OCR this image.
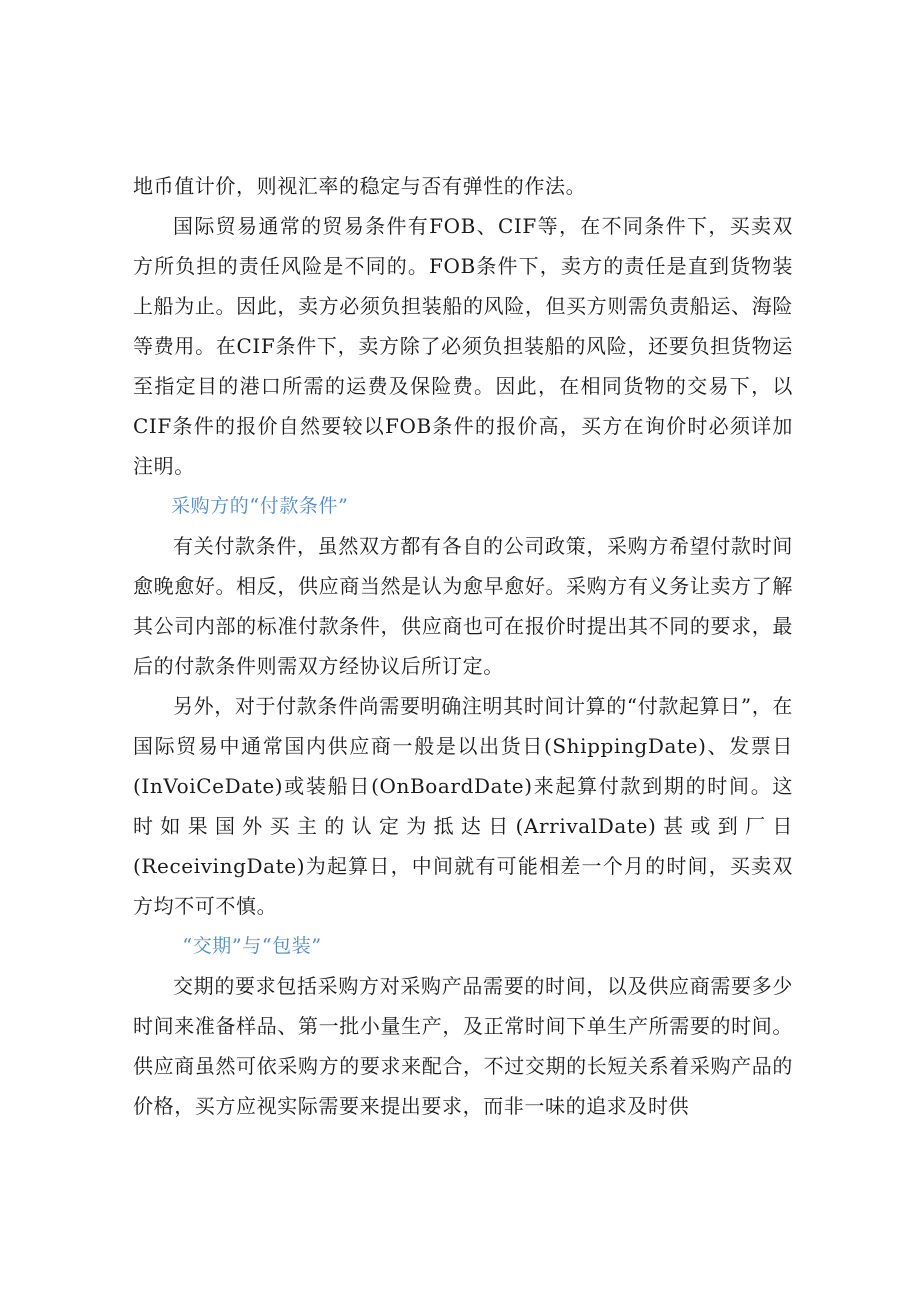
地币值计价，则视汇率的稳定与否有弹性的作法。

国际贸易通常的贸易条件有FOB、CIF等，在不同条件下，买卖双方所负担的责任风险是不同的。FOB条件下，卖方的责任是直到货物装上船为止。因此，卖方必须负担装船的风险，但买方则需负责船运、海险等费用。在CIF条件下，卖方除了必须负担装船的风险，还要负担货物运至指定目的港口所需的运费及保险费。因此，在相同货物的交易下，以CIF条件的报价自然要较以FOB条件的报价高，买方在询价时必须详加注明。

采购方的“付款条件”

有关付款条件，虽然双方都有各自的公司政策，采购方希望付款时间愈晚愈好。相反，供应商当然是认为愈早愈好。采购方有义务让卖方了解其公司内部的标准付款条件，供应商也可在报价时提出其不同的要求，最后的付款条件则需双方经协议后所订定。

另外，对于付款条件尚需要明确注明其时间计算的“付款起算日”，在国际贸易中通常国内供应商一般是以出货日(ShippingDate)、发票日(InVoiCeDate)或装船日(OnBoardDate)来起算付款到期的时间。这时如果国外买主的认定为抵达日(ArrivalDate)甚或到厂日(ReceivingDate)为起算日，中间就有可能相差一个月的时间，买卖双方均不可不慎。

“交期”与“包装”

交期的要求包括采购方对采购产品需要的时间，以及供应商需要多少时间来准备样品、第一批小量生产，及正常时间下单生产所需要的时间。供应商虽然可依采购方的要求来配合，不过交期的长短关系着采购产品的价格，买方应视实际需要来提出要求，而非一味的追求及时供
